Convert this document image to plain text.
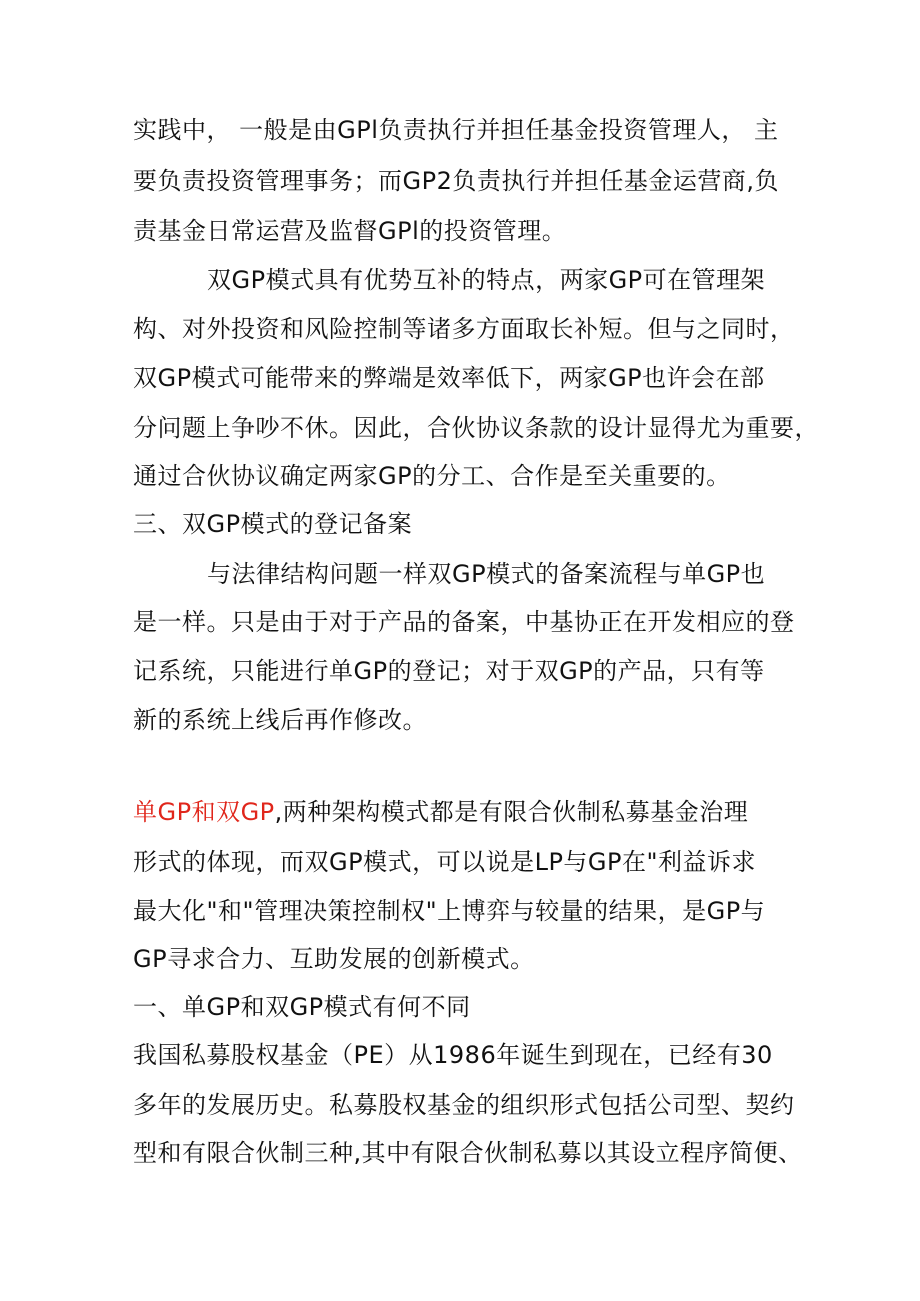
实践中， 一般是由GPl负责执行并担任基金投资管理人， 主
要负责投资管理事务；而GP2负责执行并担任基金运营商,负
责基金日常运营及监督GPl的投资管理。
双GP模式具有优势互补的特点，两家GP可在管理架
构、对外投资和风险控制等诸多方面取长补短。但与之同时，
双GP模式可能带来的弊端是效率低下，两家GP也许会在部
分问题上争吵不休。因此，合伙协议条款的设计显得尤为重要，
通过合伙协议确定两家GP的分工、合作是至关重要的。
三、双GP模式的登记备案
与法律结构问题一样双GP模式的备案流程与单GP也
是一样。只是由于对于产品的备案，中基协正在开发相应的登
记系统，只能进行单GP的登记；对于双GP的产品，只有等
新的系统上线后再作修改。
单GP和双GP,两种架构模式都是有限合伙制私募基金治理
形式的体现，而双GP模式，可以说是LP与GP在"利益诉求
最大化"和"管理决策控制权"上博弈与较量的结果，是GP与
GP寻求合力、互助发展的创新模式。
一、单GP和双GP模式有何不同
我国私募股权基金（PE）从1986年诞生到现在，已经有30
多年的发展历史。私募股权基金的组织形式包括公司型、契约
型和有限合伙制三种,其中有限合伙制私募以其设立程序简便、
